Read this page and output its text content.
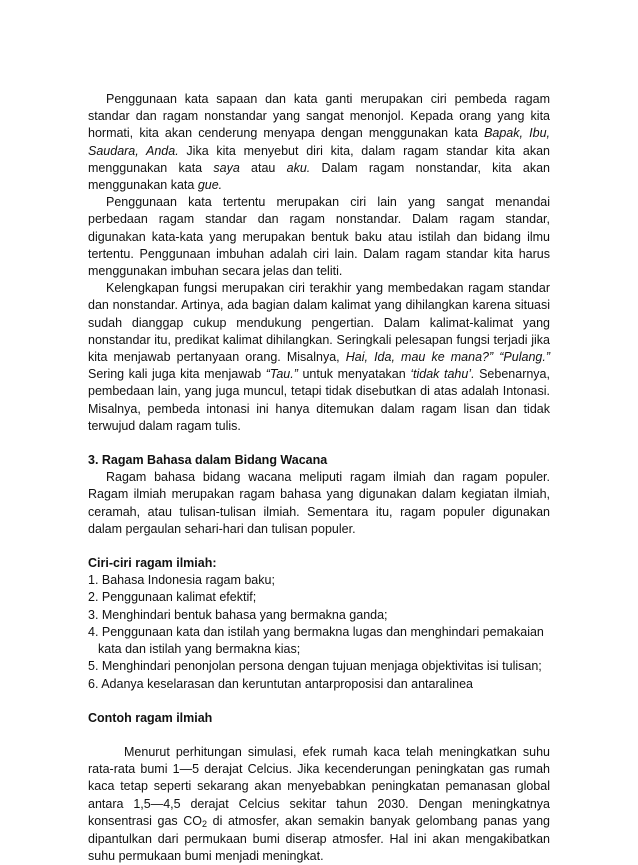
Penggunaan kata sapaan dan kata ganti merupakan ciri pembeda ragam standar dan ragam nonstandar yang sangat menonjol. Kepada orang yang kita hormati, kita akan cenderung menyapa dengan menggunakan kata Bapak, Ibu, Saudara, Anda. Jika kita menyebut diri kita, dalam ragam standar kita akan menggunakan kata saya atau aku. Dalam ragam nonstandar, kita akan menggunakan kata gue.

Penggunaan kata tertentu merupakan ciri lain yang sangat menandai perbedaan ragam standar dan ragam nonstandar. Dalam ragam standar, digunakan kata-kata yang merupakan bentuk baku atau istilah dan bidang ilmu tertentu. Penggunaan imbuhan adalah ciri lain. Dalam ragam standar kita harus menggunakan imbuhan secara jelas dan teliti.

Kelengkapan fungsi merupakan ciri terakhir yang membedakan ragam standar dan nonstandar. Artinya, ada bagian dalam kalimat yang dihilangkan karena situasi sudah dianggap cukup mendukung pengertian. Dalam kalimat-kalimat yang nonstandar itu, predikat kalimat dihilangkan. Seringkali pelesapan fungsi terjadi jika kita menjawab pertanyaan orang. Misalnya, Hai, Ida, mau ke mana?” “Pulang.” Sering kali juga kita menjawab “Tau.” untuk menyatakan ‘tidak tahu’. Sebenarnya, pembedaan lain, yang juga muncul, tetapi tidak disebutkan di atas adalah Intonasi. Misalnya, pembeda intonasi ini hanya ditemukan dalam ragam lisan dan tidak terwujud dalam ragam tulis.

3. Ragam Bahasa dalam Bidang Wacana

Ragam bahasa bidang wacana meliputi ragam ilmiah dan ragam populer. Ragam ilmiah merupakan ragam bahasa yang digunakan dalam kegiatan ilmiah, ceramah, atau tulisan-tulisan ilmiah. Sementara itu, ragam populer digunakan dalam pergaulan sehari-hari dan tulisan populer.

Ciri-ciri ragam ilmiah:
1. Bahasa Indonesia ragam baku;
2. Penggunaan kalimat efektif;
3. Menghindari bentuk bahasa yang bermakna ganda;
4. Penggunaan kata dan istilah yang bermakna lugas dan menghindari pemakaian kata dan istilah yang bermakna kias;
5. Menghindari penonjolan persona dengan tujuan menjaga objektivitas isi tulisan;
6. Adanya keselarasan dan keruntutan antarproposisi dan antaralinea
Contoh ragam ilmiah

Menurut perhitungan simulasi, efek rumah kaca telah meningkatkan suhu rata-rata bumi 1—5 derajat Celcius. Jika kecenderungan peningkatan gas rumah kaca tetap seperti sekarang akan menyebabkan peningkatan pemanasan global antara 1,5—4,5 derajat Celcius sekitar tahun 2030. Dengan meningkatnya konsentrasi gas $CO_2$ di atmosfer, akan semakin banyak gelombang panas yang dipantulkan dari permukaan bumi diserap atmosfer. Hal ini akan mengakibatkan suhu permukaan bumi menjadi meningkat.
